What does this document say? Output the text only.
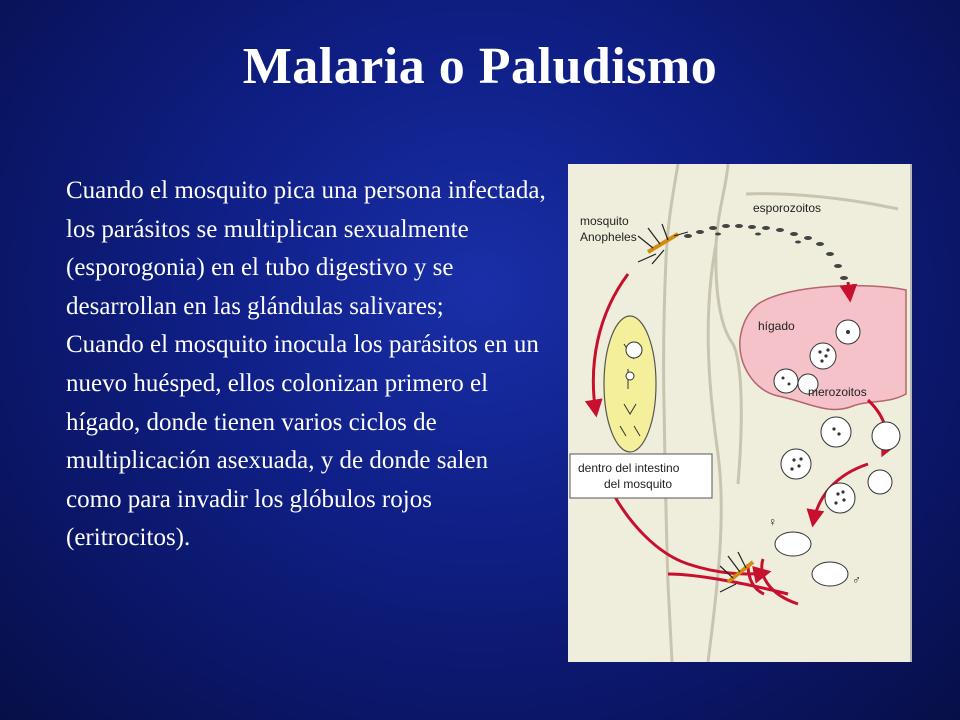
Malaria o Paludismo

Cuando el mosquito pica una persona infectada, los parásitos se multiplican sexualmente (esporogonia) en el tubo digestivo y se desarrollan en las glándulas salivares;

Cuando el mosquito inocula los parásitos en un nuevo huésped, ellos colonizan primero el hígado, donde tienen varios ciclos de multiplicación asexuada, y de donde salen como para invadir los glóbulos rojos (eritrocitos).

mosquito
Anopheles
esporozoitos
hígado
merozoitos
dentro del intestino
del mosquito
♀
♂
